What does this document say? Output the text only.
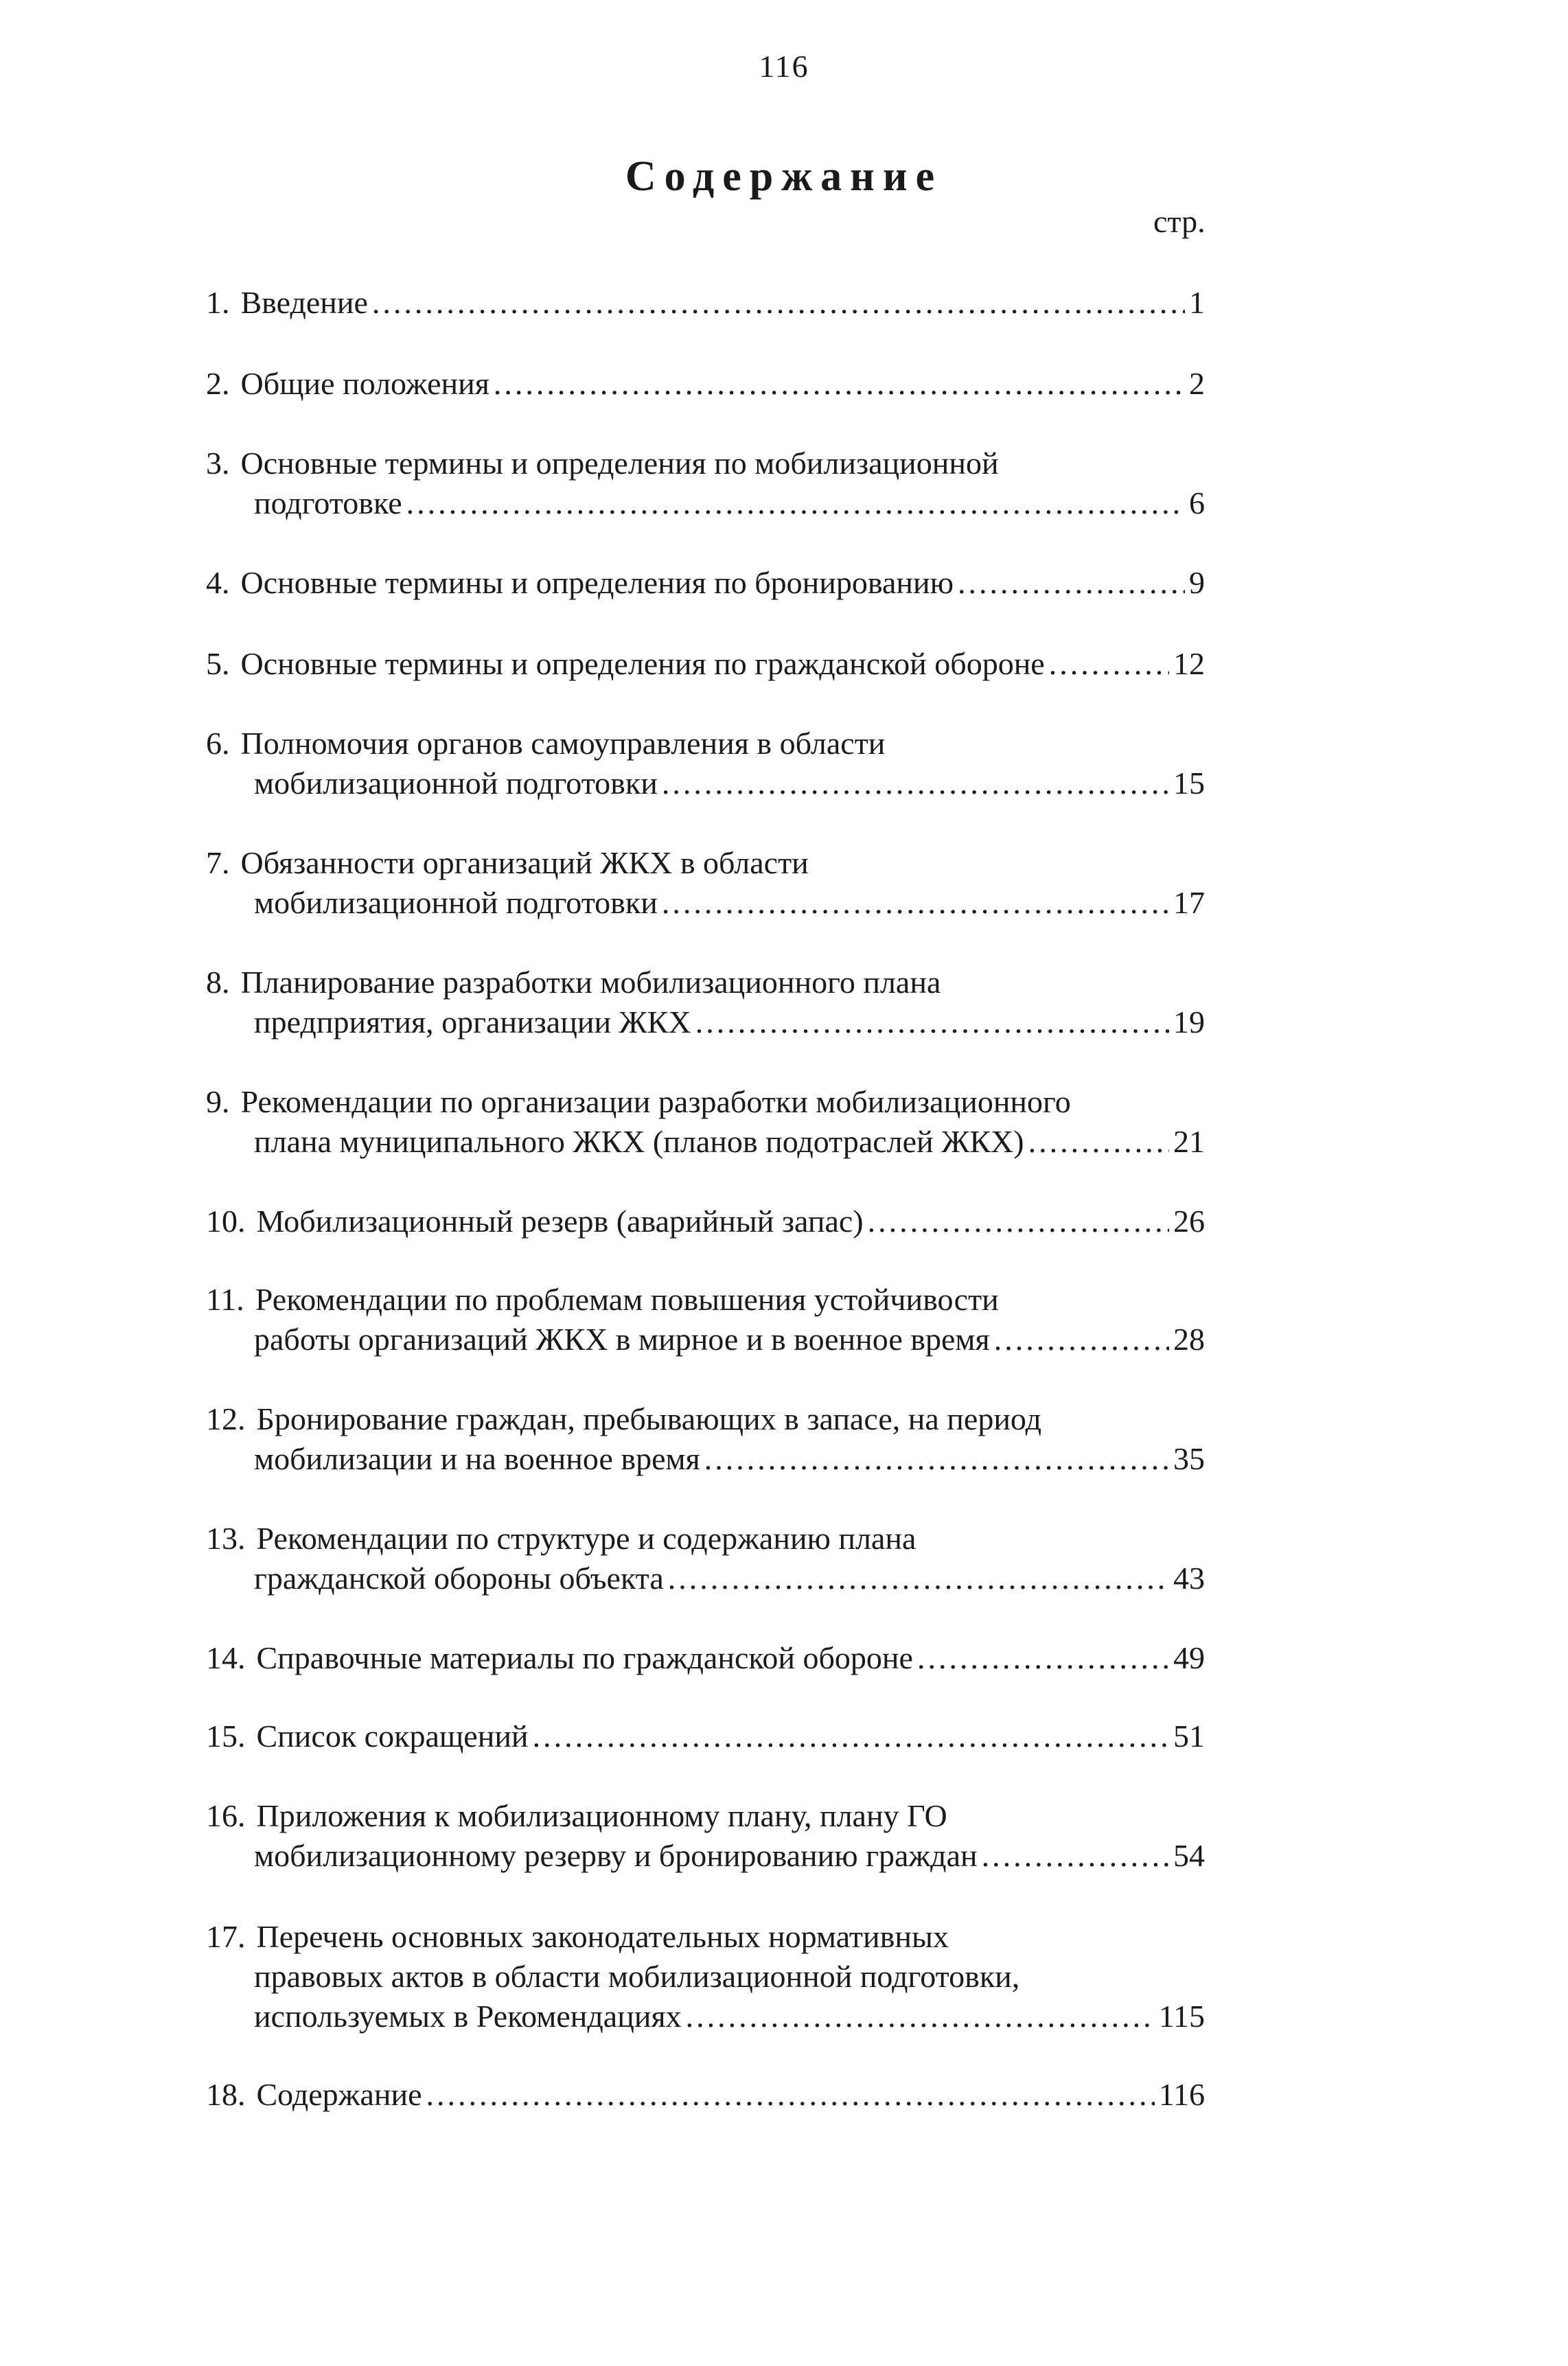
116
Содержание
стр.
1. Введение .....	1
2. Общие положения .....	2
3. Основные термины и определения по мобилизационной
подготовке .....	6
4. Основные термины и определения по бронированию .....	9
5. Основные термины и определения по гражданской обороне .....	12
6. Полномочия органов самоуправления в области
мобилизационной подготовки .....	15
7. Обязанности организаций ЖКХ в области
мобилизационной подготовки .....	17
8. Планирование разработки мобилизационного плана
предприятия, организации ЖКХ .....	19
9. Рекомендации по организации разработки мобилизационного
плана муниципального ЖКХ (планов подотраслей ЖКХ) .....	21
10. Мобилизационный резерв (аварийный запас) .....	26
11. Рекомендации по проблемам повышения устойчивости
работы организаций ЖКХ в мирное и в военное время .....	28
12. Бронирование граждан, пребывающих в запасе, на период
мобилизации и на военное время .....	35
13. Рекомендации по структуре и содержанию плана
гражданской обороны объекта .....	43
14. Справочные материалы по гражданской обороне .....	49
15. Список сокращений .....	51
16. Приложения к мобилизационному плану, плану ГО
мобилизационному резерву и бронированию граждан .....	54
17. Перечень основных законодательных нормативных
правовых актов в области мобилизационной подготовки,
используемых в Рекомендациях .....	115
18. Содержание .....	116
